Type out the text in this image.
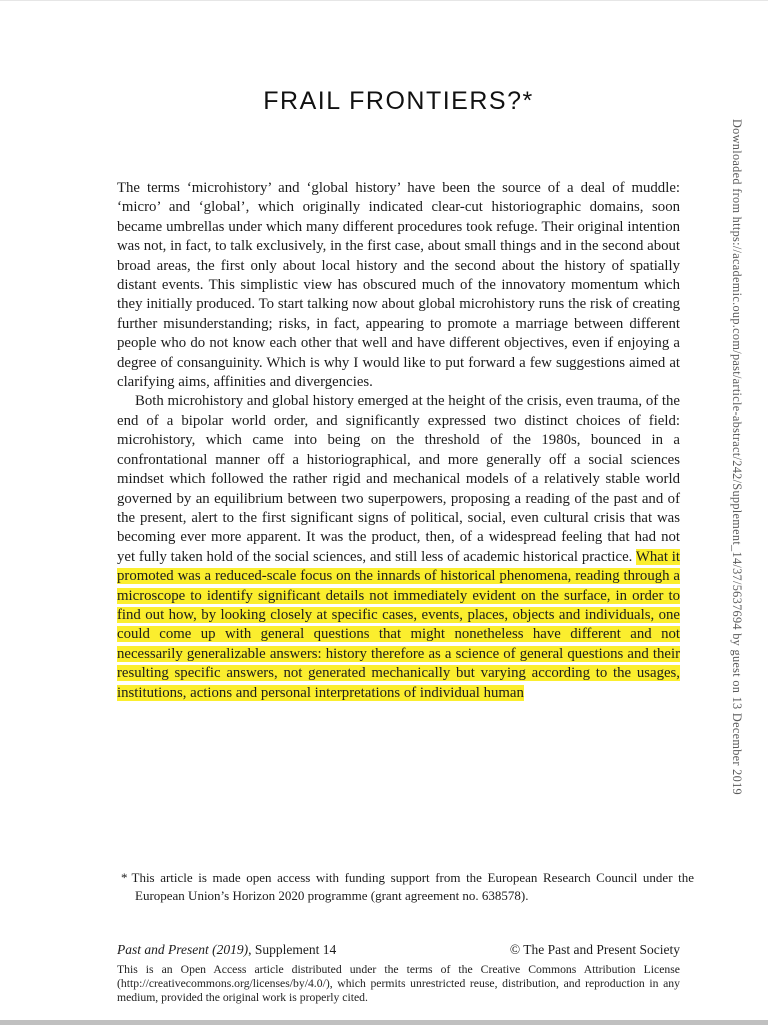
FRAIL FRONTIERS?*
Downloaded from https://academic.oup.com/past/article-abstract/242/Supplement_14/37/5637694 by guest on 13 December 2019

The terms ‘microhistory’ and ‘global history’ have been the source of a deal of muddle: ‘micro’ and ‘global’, which originally indicated clear-cut historiographic domains, soon became umbrellas under which many different procedures took refuge. Their original intention was not, in fact, to talk exclusively, in the first case, about small things and in the second about broad areas, the first only about local history and the second about the history of spatially distant events. This simplistic view has obscured much of the innovatory momentum which they initially produced. To start talking now about global microhistory runs the risk of creating further misunderstanding; risks, in fact, appearing to promote a marriage between different people who do not know each other that well and have different objectives, even if enjoying a degree of consanguinity. Which is why I would like to put forward a few suggestions aimed at clarifying aims, affinities and divergencies.

Both microhistory and global history emerged at the height of the crisis, even trauma, of the end of a bipolar world order, and significantly expressed two distinct choices of field: microhistory, which came into being on the threshold of the 1980s, bounced in a confrontational manner off a historiographical, and more generally off a social sciences mindset which followed the rather rigid and mechanical models of a relatively stable world governed by an equilibrium between two superpowers, proposing a reading of the past and of the present, alert to the first significant signs of political, social, even cultural crisis that was becoming ever more apparent. It was the product, then, of a widespread feeling that had not yet fully taken hold of the social sciences, and still less of academic historical practice. What it promoted was a reduced-scale focus on the innards of historical phenomena, reading through a microscope to identify significant details not immediately evident on the surface, in order to find out how, by looking closely at specific cases, events, places, objects and individuals, one could come up with general questions that might nonetheless have different and not necessarily generalizable answers: history therefore as a science of general questions and their resulting specific answers, not generated mechanically but varying according to the usages, institutions, actions and personal interpretations of individual human

* This article is made open access with funding support from the European Research Council under the European Union’s Horizon 2020 programme (grant agreement no. 638578).
Past and Present (2019), Supplement 14	© The Past and Present Society
This is an Open Access article distributed under the terms of the Creative Commons Attribution License (http://creativecommons.org/licenses/by/4.0/), which permits unrestricted reuse, distribution, and reproduction in any medium, provided the original work is properly cited.
